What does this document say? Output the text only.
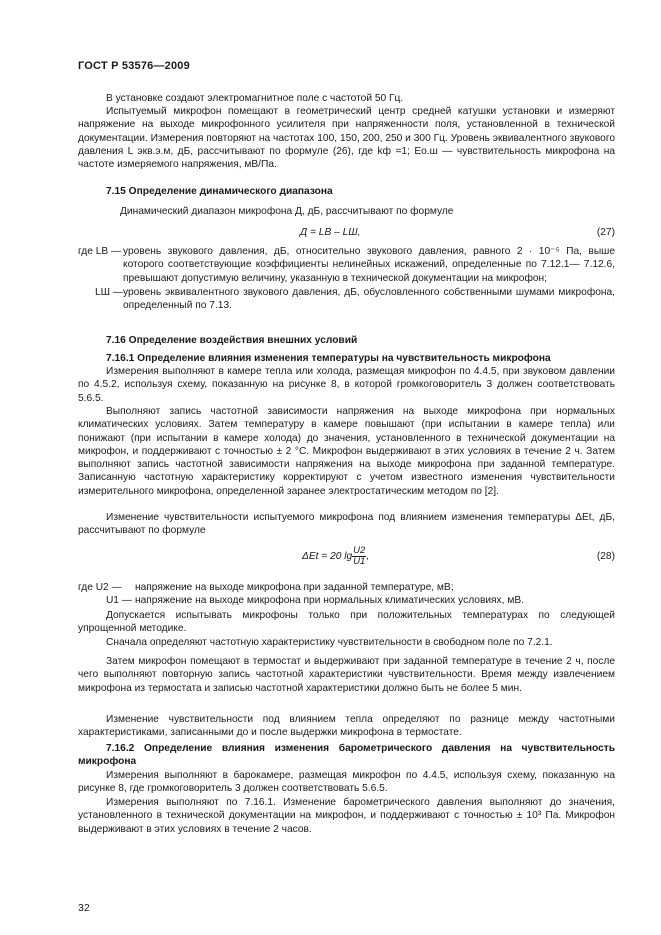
ГОСТ Р 53576—2009
В установке создают электромагнитное поле с частотой 50 Гц.
Испытуемый микрофон помещают в геометрический центр средней катушки установки и измеряют напряжение на выходе микрофонного усилителя при напряженности поля, установленной в технической документации. Измерения повторяют на частотах 100, 150, 200, 250 и 300 Гц. Уровень эквивалентного звукового давления L экв.э.м, дБ, рассчитывают по формуле (26), где kф =1; Eо.ш — чувствительность микрофона на частоте измеряемого напряжения, мВ/Па.
7.15 Определение динамического диапазона
Динамический диапазон микрофона Д, дБ, рассчитывают по формуле
Д = LВ – LШ,	(27)
где LВ — уровень звукового давления, дБ, относительно звукового давления, равного 2 · 10⁻⁵ Па, выше которого соответствующие коэффициенты нелинейных искажений, определенные по 7.12.1— 7.12.6, превышают допустимую величину, указанную в технической документации на микрофон;
LШ — уровень эквивалентного звукового давления, дБ, обусловленного собственными шумами микрофона, определенный по 7.13.
7.16 Определение воздействия внешних условий
7.16.1 Определение влияния изменения температуры на чувствительность микрофона
Измерения выполняют в камере тепла или холода, размещая микрофон по 4.4.5, при звуковом давлении по 4.5.2, используя схему, показанную на рисунке 8, в которой громкоговоритель 3 должен соответствовать 5.6.5.
Выполняют запись частотной зависимости напряжения на выходе микрофона при нормальных климатических условиях. Затем температуру в камере повышают (при испытании в камере тепла) или понижают (при испытании в камере холода) до значения, установленного в технической документации на микрофон, и поддерживают с точностью ± 2 °С. Микрофон выдерживают в этих условиях в течение 2 ч. Затем выполняют запись частотной зависимости напряжения на выходе микрофона при заданной температуре. Записанную частотную характеристику корректируют с учетом известного изменения чувствительности измерительного микрофона, определенной заранее электростатическим методом по [2].
Изменение чувствительности испытуемого микрофона под влиянием изменения температуры ΔEt, дБ, рассчитывают по формуле
ΔEt = 20 $\lg \frac{U2}{U1}$ ,	(28)
где U2 —	напряжение на выходе микрофона при заданной температуре, мВ;
U1 — напряжение на выходе микрофона при нормальных климатических условиях, мВ.
Допускается испытывать микрофоны только при положительных температурах по следующей упрощенной методике.
Сначала определяют частотную характеристику чувствительности в свободном поле по 7.2.1.
Затем микрофон помещают в термостат и выдерживают при заданной температуре в течение 2 ч, после чего выполняют повторную запись частотной характеристики чувствительности. Время между извлечением микрофона из термостата и записью частотной характеристики должно быть не более 5 мин.
Изменение чувствительности под влиянием тепла определяют по разнице между частотными характеристиками, записанными до и после выдержки микрофона в термостате.
7.16.2 Определение влияния изменения барометрического давления на чувствительность микрофона
Измерения выполняют в барокамере, размещая микрофон по 4.4.5, используя схему, показанную на рисунке 8, где громкоговоритель 3 должен соответствовать 5.6.5.
Измерения выполняют по 7.16.1. Изменение барометрического давления выполняют до значения, установленного в технической документации на микрофон, и поддерживают с точностью ± 10³ Па. Микрофон выдерживают в этих условиях в течение 2 часов.
32
